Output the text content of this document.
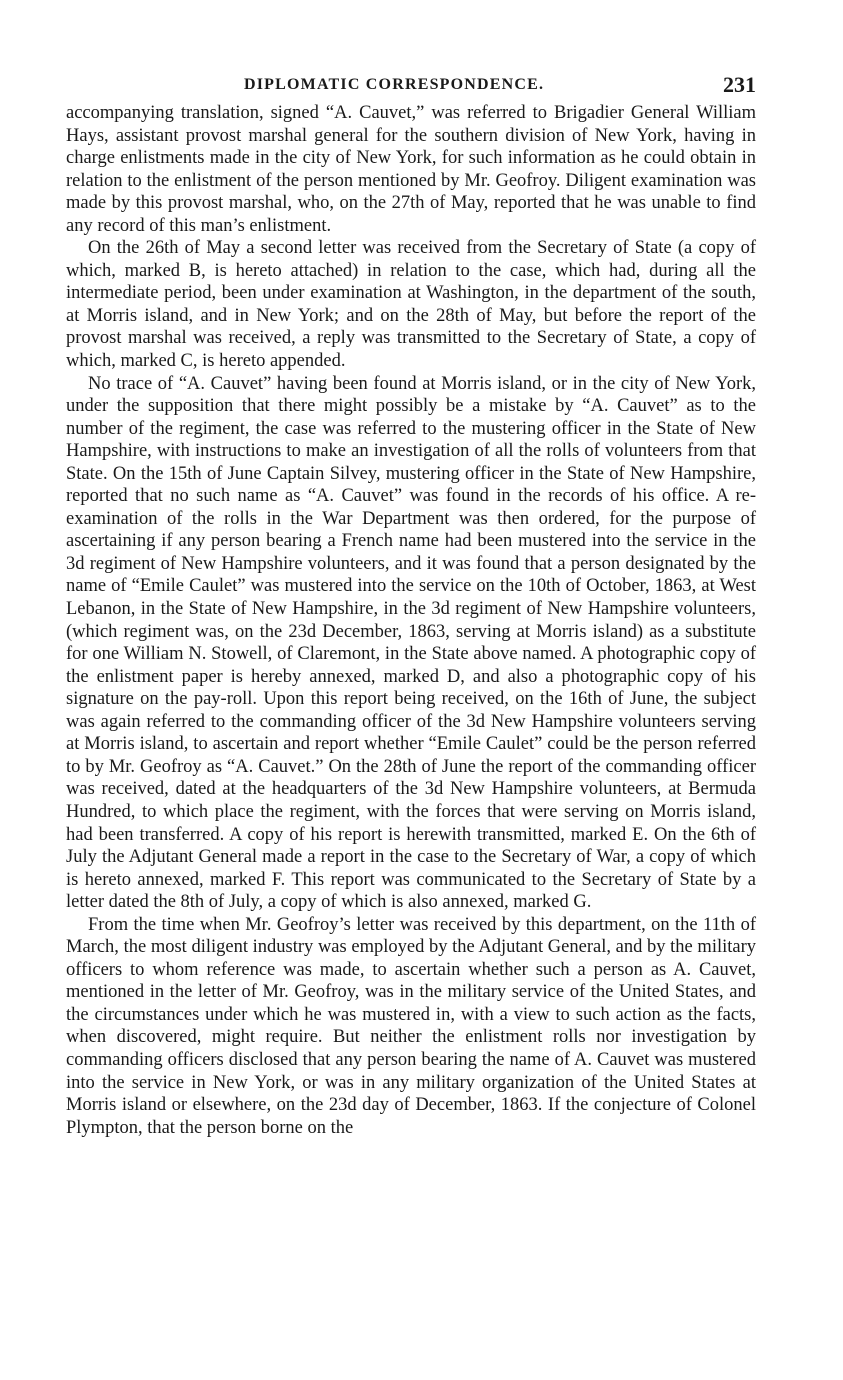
DIPLOMATIC CORRESPONDENCE.	231

accompanying translation, signed “A. Cauvet,” was referred to Brigadier General William Hays, assistant provost marshal general for the southern division of New York, having in charge enlistments made in the city of New York, for such information as he could obtain in relation to the enlistment of the person mentioned by Mr. Geofroy. Diligent examination was made by this provost marshal, who, on the 27th of May, reported that he was unable to find any record of this man’s enlistment.

On the 26th of May a second letter was received from the Secretary of State (a copy of which, marked B, is hereto attached) in relation to the case, which had, during all the intermediate period, been under examination at Washington, in the department of the south, at Morris island, and in New York; and on the 28th of May, but before the report of the provost marshal was received, a reply was transmitted to the Secretary of State, a copy of which, marked C, is hereto appended.

No trace of “A. Cauvet” having been found at Morris island, or in the city of New York, under the supposition that there might possibly be a mistake by “A. Cauvet” as to the number of the regiment, the case was referred to the mustering officer in the State of New Hampshire, with instructions to make an investigation of all the rolls of volunteers from that State. On the 15th of June Captain Silvey, mustering officer in the State of New Hampshire, reported that no such name as “A. Cauvet” was found in the records of his office. A re-examination of the rolls in the War Department was then ordered, for the purpose of ascertaining if any person bearing a French name had been mustered into the service in the 3d regiment of New Hampshire volunteers, and it was found that a person designated by the name of “Emile Caulet” was mustered into the service on the 10th of October, 1863, at West Lebanon, in the State of New Hampshire, in the 3d regiment of New Hampshire volunteers, (which regiment was, on the 23d December, 1863, serving at Morris island) as a substitute for one William N. Stowell, of Claremont, in the State above named. A photographic copy of the enlistment paper is hereby annexed, marked D, and also a photographic copy of his signature on the pay-roll. Upon this report being received, on the 16th of June, the subject was again referred to the commanding officer of the 3d New Hampshire volunteers serving at Morris island, to ascertain and report whether “Emile Caulet” could be the person referred to by Mr. Geofroy as “A. Cauvet.” On the 28th of June the report of the commanding officer was received, dated at the headquarters of the 3d New Hampshire volunteers, at Bermuda Hundred, to which place the regiment, with the forces that were serving on Morris island, had been transferred. A copy of his report is herewith transmitted, marked E. On the 6th of July the Adjutant General made a report in the case to the Secretary of War, a copy of which is hereto annexed, marked F. This report was communicated to the Secretary of State by a letter dated the 8th of July, a copy of which is also annexed, marked G.

From the time when Mr. Geofroy’s letter was received by this department, on the 11th of March, the most diligent industry was employed by the Adjutant General, and by the military officers to whom reference was made, to ascertain whether such a person as A. Cauvet, mentioned in the letter of Mr. Geofroy, was in the military service of the United States, and the circumstances under which he was mustered in, with a view to such action as the facts, when discovered, might require. But neither the enlistment rolls nor investigation by commanding officers disclosed that any person bearing the name of A. Cauvet was mustered into the service in New York, or was in any military organization of the United States at Morris island or elsewhere, on the 23d day of December, 1863. If the conjecture of Colonel Plympton, that the person borne on the
